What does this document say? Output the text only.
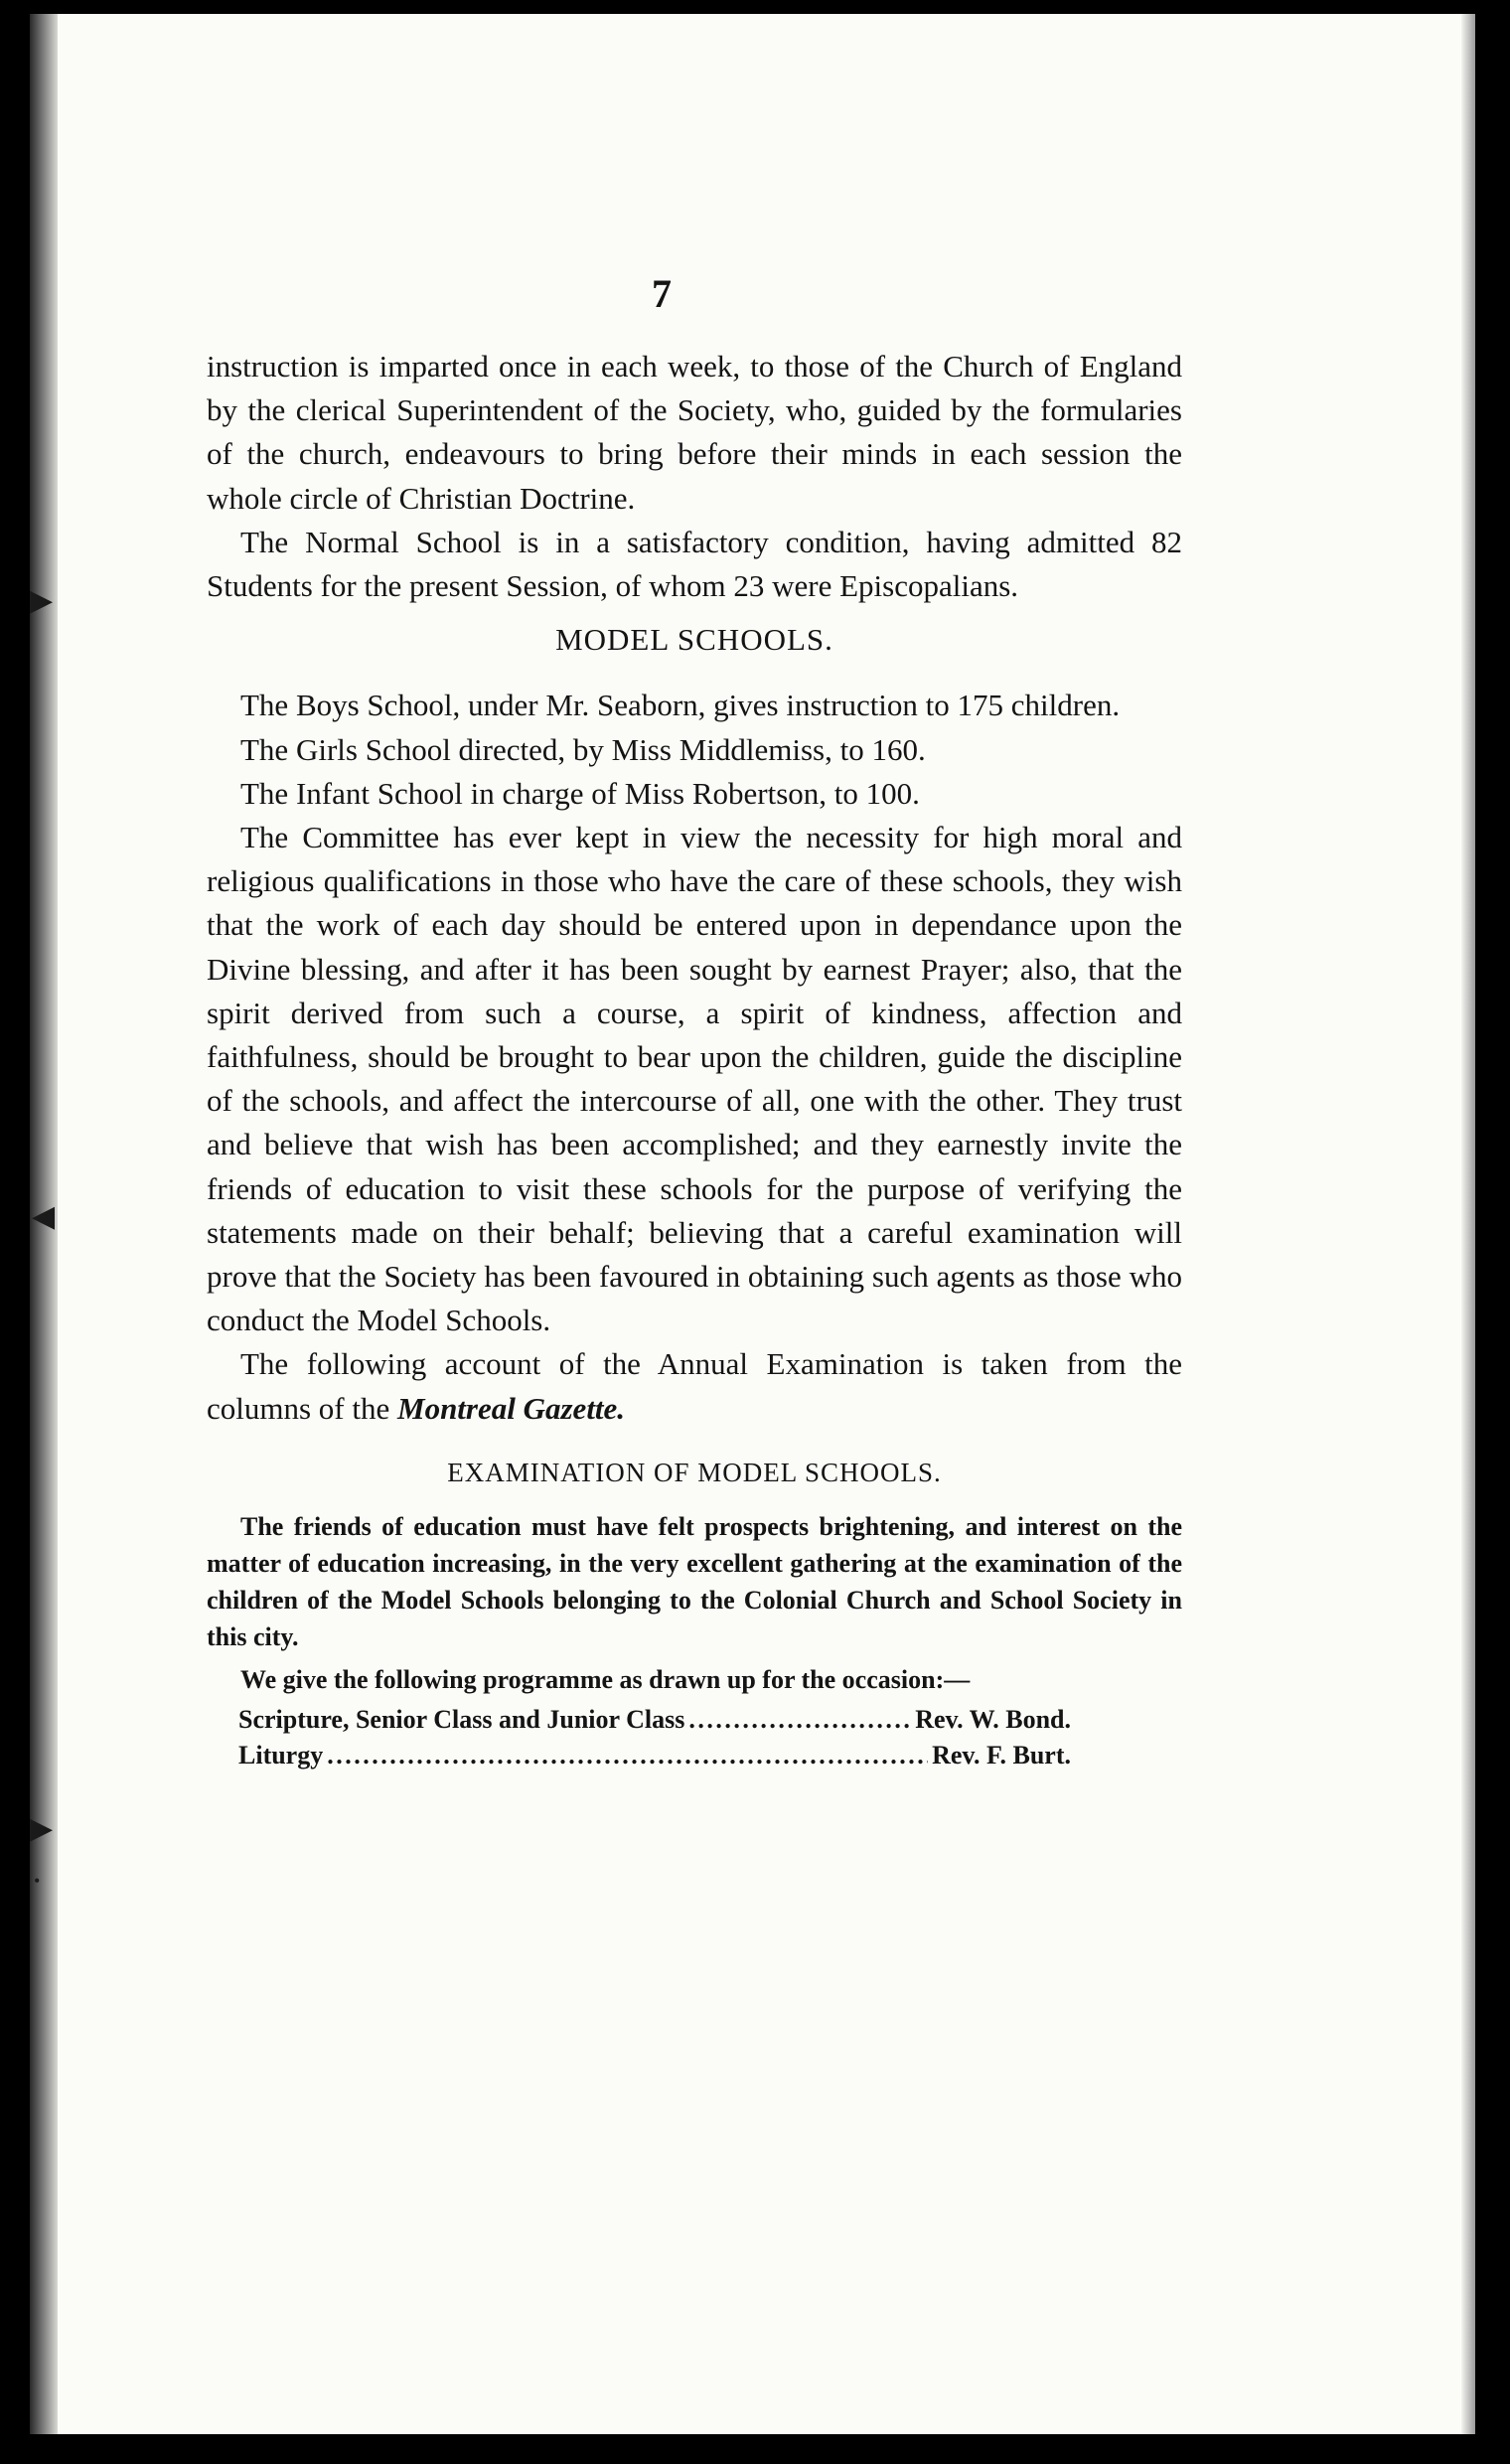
▶
◀
▶
•
7

instruction is imparted once in each week, to those of the Church of England by the clerical Superintendent of the Society, who, guided by the formularies of the church, endeavours to bring before their minds in each session the whole circle of Christian Doctrine.

The Normal School is in a satisfactory condition, having admitted 82 Students for the present Session, of whom 23 were Episcopalians.

MODEL SCHOOLS.

The Boys School, under Mr. Seaborn, gives instruction to 175 children.

The Girls School directed, by Miss Middlemiss, to 160.

The Infant School in charge of Miss Robertson, to 100.

The Committee has ever kept in view the necessity for high moral and religious qualifications in those who have the care of these schools, they wish that the work of each day should be entered upon in dependance upon the Divine blessing, and after it has been sought by earnest Prayer; also, that the spirit derived from such a course, a spirit of kindness, affection and faithfulness, should be brought to bear upon the children, guide the discipline of the schools, and affect the intercourse of all, one with the other. They trust and believe that wish has been accomplished; and they earnestly invite the friends of education to visit these schools for the purpose of verifying the statements made on their behalf; believing that a careful examination will prove that the Society has been favoured in obtaining such agents as those who conduct the Model Schools.

The following account of the Annual Examination is taken from the columns of the Montreal Gazette.

EXAMINATION OF MODEL SCHOOLS.

The friends of education must have felt prospects brightening, and interest on the matter of education increasing, in the very excellent gathering at the examination of the children of the Model Schools belonging to the Colonial Church and School Society in this city.

We give the following programme as drawn up for the occasion:—

Scripture, Senior Class and Junior Class . . .	Rev. W. Bond.
Liturgy . . .	Rev. F. Burt.
